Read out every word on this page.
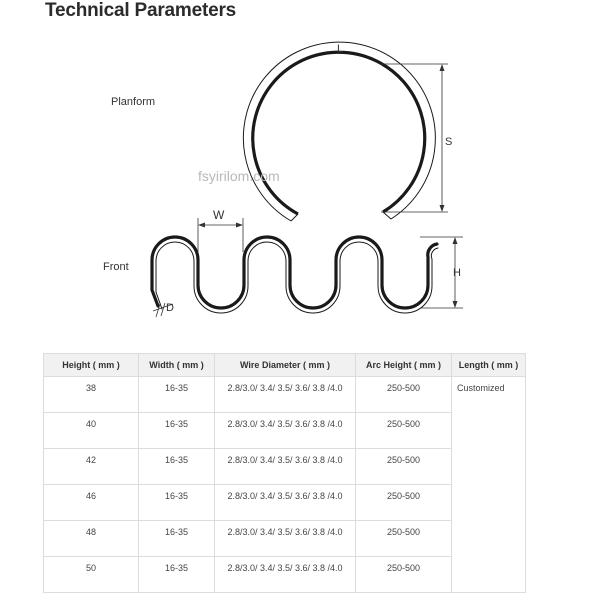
Technical Parameters
Planform
L
S
fsyirilom.com
Front
W
H
D
Height ( mm )	Width ( mm )	Wire Diameter ( mm )	Arc Height ( mm )	Length ( mm )
38	16-35	2.8/3.0/ 3.4/ 3.5/ 3.6/ 3.8 /4.0	250-500	Customized
40	16-35	2.8/3.0/ 3.4/ 3.5/ 3.6/ 3.8 /4.0	250-500	
42	16-35	2.8/3.0/ 3.4/ 3.5/ 3.6/ 3.8 /4.0	250-500	
46	16-35	2.8/3.0/ 3.4/ 3.5/ 3.6/ 3.8 /4.0	250-500	
48	16-35	2.8/3.0/ 3.4/ 3.5/ 3.6/ 3.8 /4.0	250-500	
50	16-35	2.8/3.0/ 3.4/ 3.5/ 3.6/ 3.8 /4.0	250-500	
